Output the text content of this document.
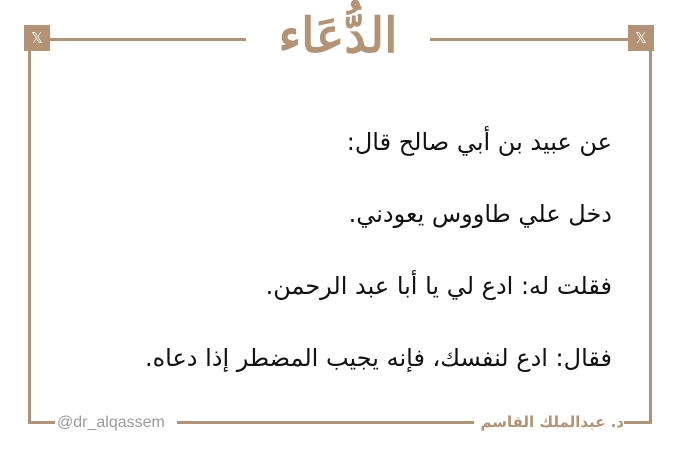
𝕏	𝕏
الدُّعَاء
عن عبيد بن أبي صالح قال:
دخل علي طاووس يعودني.
فقلت له: ادع لي يا أبا عبد الرحمن.
فقال: ادع لنفسك، فإنه يجيب المضطر إذا دعاه.
@dr_alqassem	د. عبدالملك القاسم
